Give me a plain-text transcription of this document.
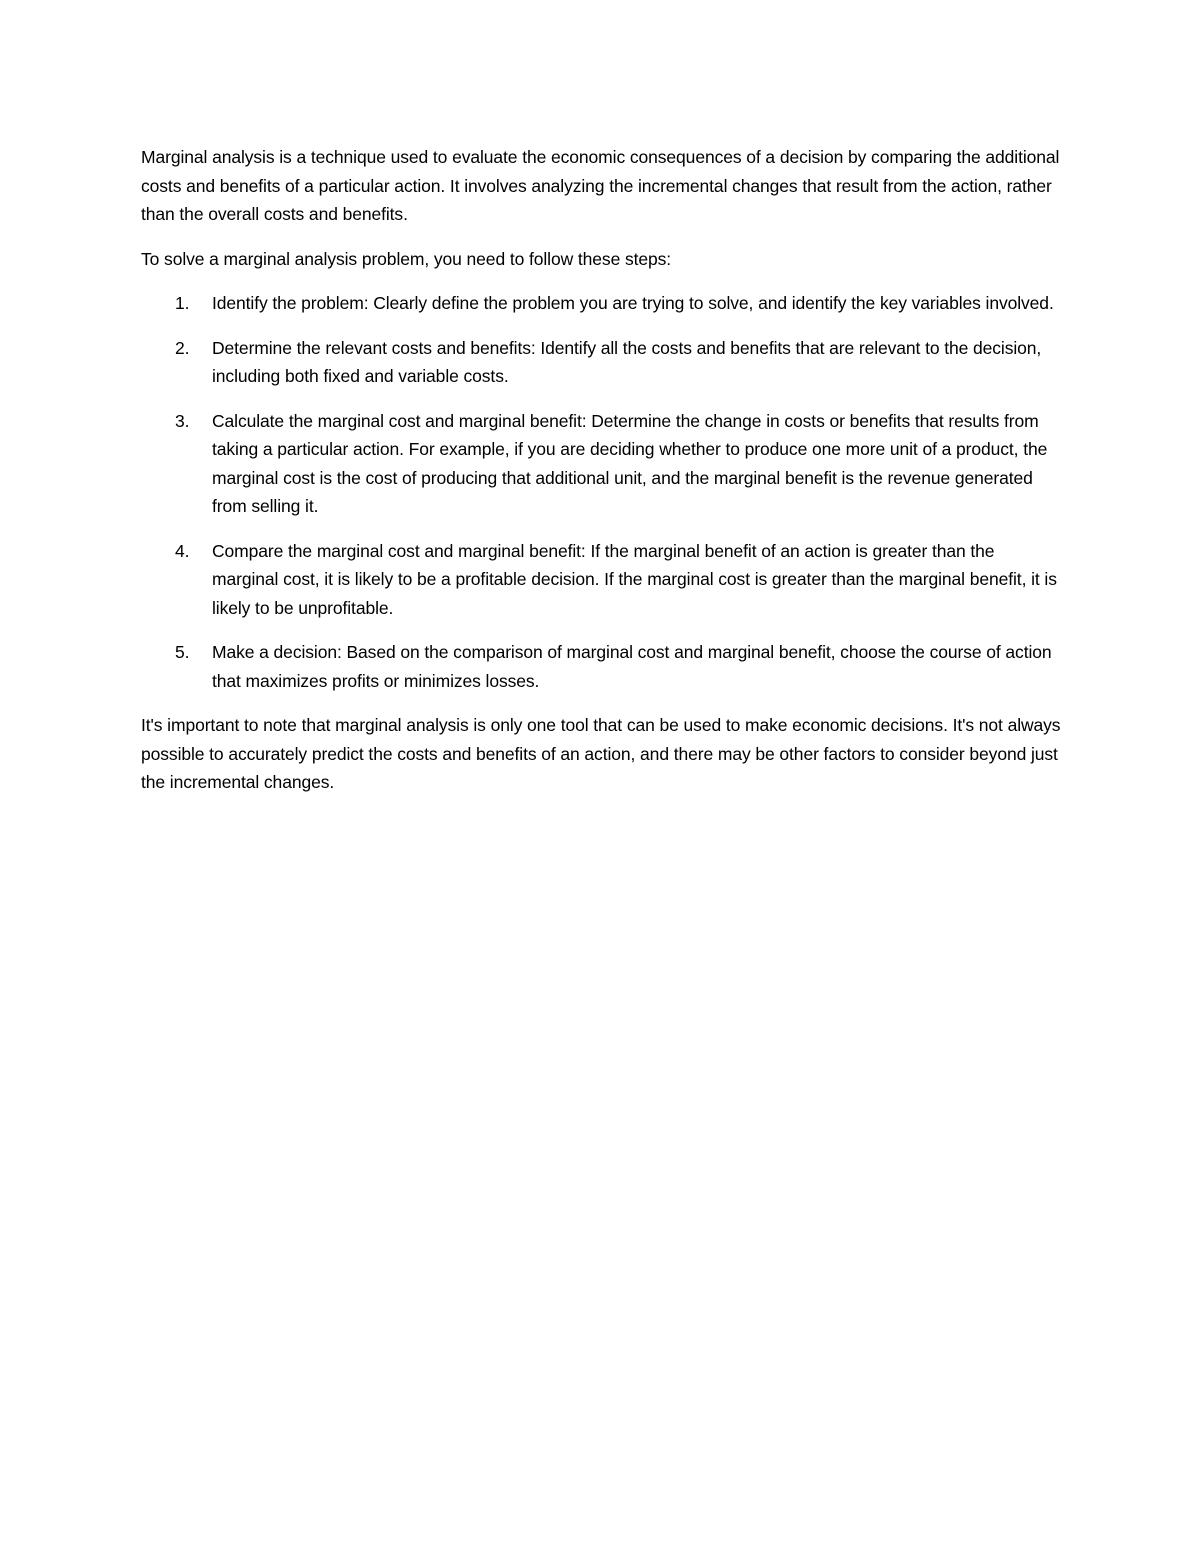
Marginal analysis is a technique used to evaluate the economic consequences of a decision by comparing the additional costs and benefits of a particular action. It involves analyzing the incremental changes that result from the action, rather than the overall costs and benefits.

To solve a marginal analysis problem, you need to follow these steps:

1. Identify the problem: Clearly define the problem you are trying to solve, and identify the key variables involved.
2. Determine the relevant costs and benefits: Identify all the costs and benefits that are relevant to the decision, including both fixed and variable costs.
3. Calculate the marginal cost and marginal benefit: Determine the change in costs or benefits that results from taking a particular action. For example, if you are deciding whether to produce one more unit of a product, the marginal cost is the cost of producing that additional unit, and the marginal benefit is the revenue generated from selling it.
4. Compare the marginal cost and marginal benefit: If the marginal benefit of an action is greater than the marginal cost, it is likely to be a profitable decision. If the marginal cost is greater than the marginal benefit, it is likely to be unprofitable.
5. Make a decision: Based on the comparison of marginal cost and marginal benefit, choose the course of action that maximizes profits or minimizes losses.

It's important to note that marginal analysis is only one tool that can be used to make economic decisions. It's not always possible to accurately predict the costs and benefits of an action, and there may be other factors to consider beyond just the incremental changes.
